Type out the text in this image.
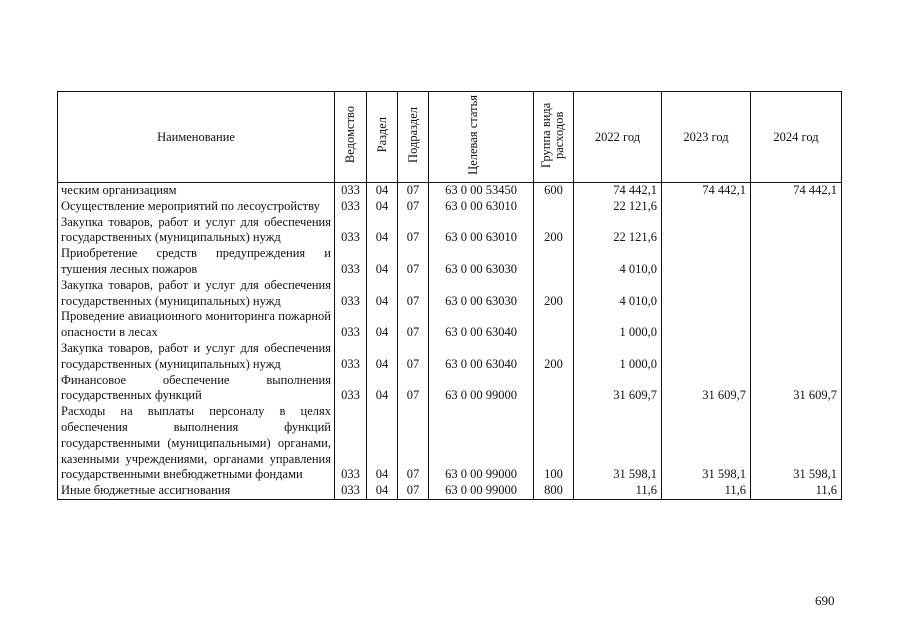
Наименование	Ведомство	Раздел	Подраздел	Целевая статья	Группа вида расходов	2022 год	2023 год	2024 год
ческим организациям	033	04	07	63 0 00 53450	600	74 442,1	74 442,1	74 442,1
Осуществление мероприятий по лесоустройству	033	04	07	63 0 00 63010		22 121,6		
Закупка товаров, работ и услуг для обеспечения государственных (муниципальных) нужд	033	04	07	63 0 00 63010	200	22 121,6		
Приобретение средств предупреждения и тушения лесных пожаров	033	04	07	63 0 00 63030		4 010,0		
Закупка товаров, работ и услуг для обеспечения государственных (муниципальных) нужд	033	04	07	63 0 00 63030	200	4 010,0		
Проведение авиационного мониторинга пожарной опасности в лесах	033	04	07	63 0 00 63040		1 000,0		
Закупка товаров, работ и услуг для обеспечения государственных (муниципальных) нужд	033	04	07	63 0 00 63040	200	1 000,0		
Финансовое обеспечение выполнения государственных функций	033	04	07	63 0 00 99000		31 609,7	31 609,7	31 609,7
Расходы на выплаты персоналу в целях обеспечения выполнения функций государственными (муниципальными) органами, казенными учреждениями, органами управления государственными внебюджетными фондами	033	04	07	63 0 00 99000	100	31 598,1	31 598,1	31 598,1
Иные бюджетные ассигнования	033	04	07	63 0 00 99000	800	11,6	11,6	11,6
690
